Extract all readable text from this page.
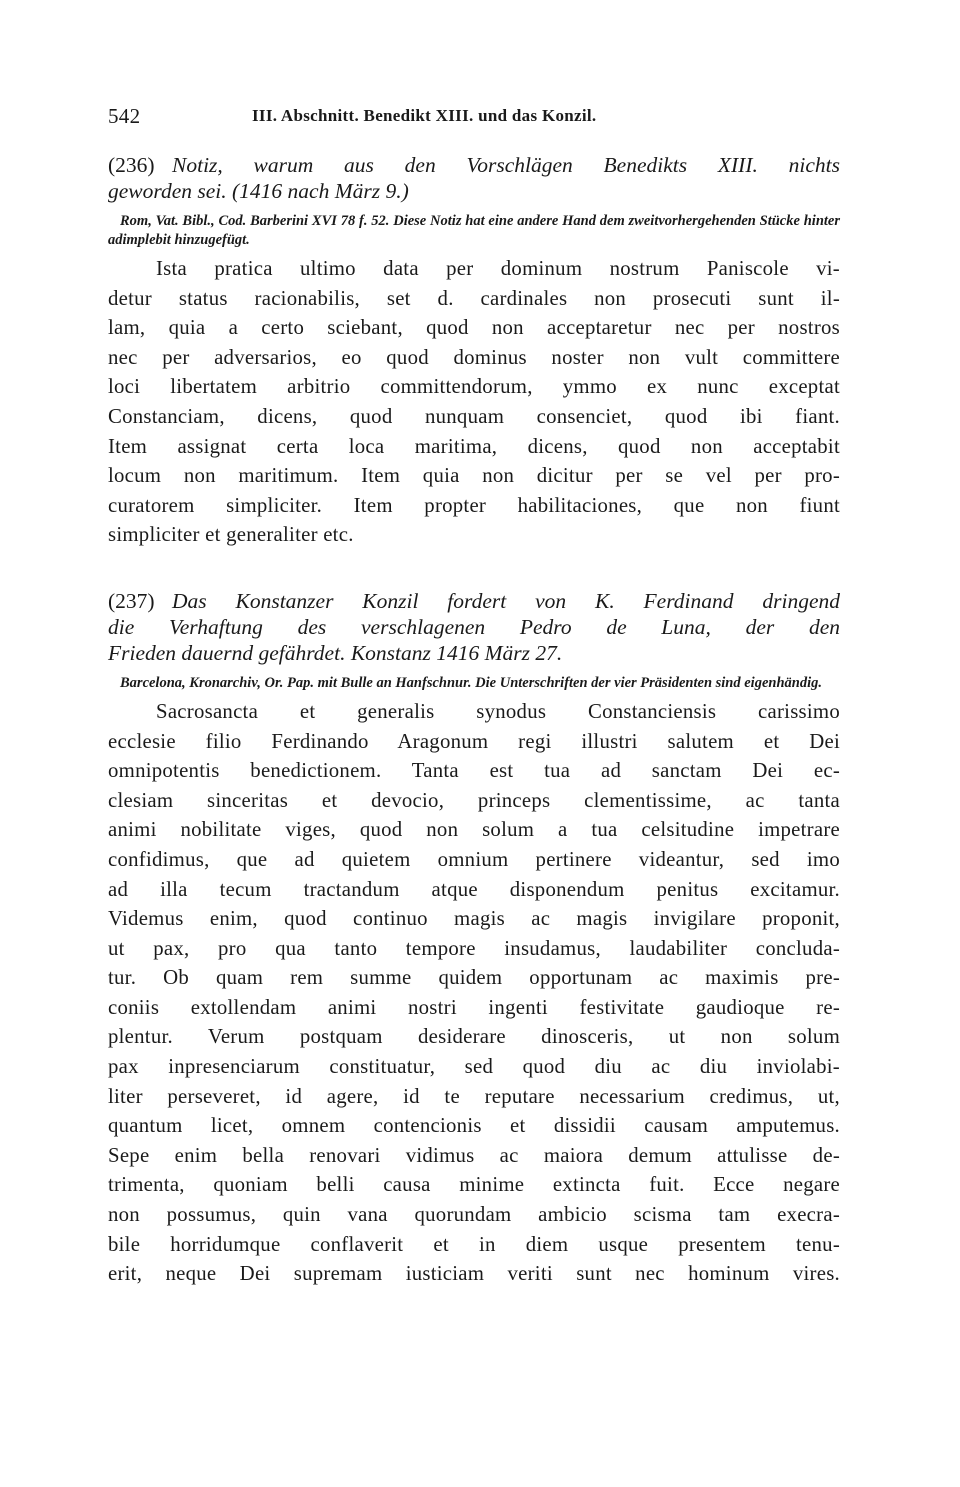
542	III. Abschnitt. Benedikt XIII. und das Konzil.
(236) Notiz, warum aus den Vorschlägen Benedikts XIII. nichts
geworden sei. (1416 nach März 9.)
Rom, Vat. Bibl., Cod. Barberini XVI 78 f. 52. Diese Notiz hat eine andere Hand dem zweitvorhergehenden Stücke hinter adimplebit hinzugefügt.
Ista pratica ultimo data per dominum nostrum Paniscole vi-
detur status racionabilis, set d. cardinales non prosecuti sunt il-
lam, quia a certo sciebant, quod non acceptaretur nec per nostros
nec per adversarios, eo quod dominus noster non vult committere
loci libertatem arbitrio committendorum, ymmo ex nunc exceptat
Constanciam, dicens, quod nunquam consenciet, quod ibi fiant.
Item assignat certa loca maritima, dicens, quod non acceptabit
locum non maritimum. Item quia non dicitur per se vel per pro-
curatorem simpliciter. Item propter habilitaciones, que non fiunt
simpliciter et generaliter etc.
(237) Das Konstanzer Konzil fordert von K. Ferdinand dringend
die Verhaftung des verschlagenen Pedro de Luna, der den
Frieden dauernd gefährdet. Konstanz 1416 März 27.
Barcelona, Kronarchiv, Or. Pap. mit Bulle an Hanfschnur. Die Unterschriften der vier Präsidenten sind eigenhändig.
Sacrosancta et generalis synodus Constanciensis carissimo
ecclesie filio Ferdinando Aragonum regi illustri salutem et Dei
omnipotentis benedictionem. Tanta est tua ad sanctam Dei ec-
clesiam sinceritas et devocio, princeps clementissime, ac tanta
animi nobilitate viges, quod non solum a tua celsitudine impetrare
confidimus, que ad quietem omnium pertinere videantur, sed imo
ad illa tecum tractandum atque disponendum penitus excitamur.
Videmus enim, quod continuo magis ac magis invigilare proponit,
ut pax, pro qua tanto tempore insudamus, laudabiliter concluda-
tur. Ob quam rem summe quidem opportunam ac maximis pre-
coniis extollendam animi nostri ingenti festivitate gaudioque re-
plentur. Verum postquam desiderare dinosceris, ut non solum
pax inpresenciarum constituatur, sed quod diu ac diu inviolabi-
liter perseveret, id agere, id te reputare necessarium credimus, ut,
quantum licet, omnem contencionis et dissidii causam amputemus.
Sepe enim bella renovari vidimus ac maiora demum attulisse de-
trimenta, quoniam belli causa minime extincta fuit. Ecce negare
non possumus, quin vana quorundam ambicio scisma tam execra-
bile horridumque conflaverit et in diem usque presentem tenu-
erit, neque Dei supremam iusticiam veriti sunt nec hominum vires.
